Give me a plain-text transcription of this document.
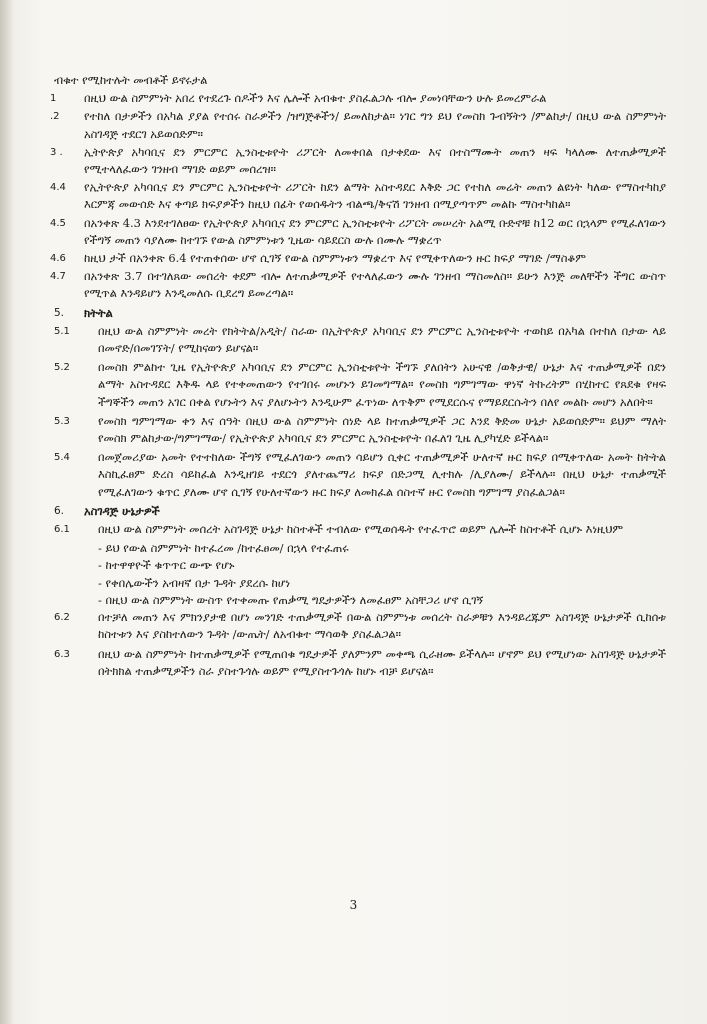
ብቁተ የሚከተሉት መብቶች ይኖሩታል

1	በዚህ ውል ስምምነት አበረ የተደረጉ ሰዶችን እና ሌሎች አብቁተ ያስፈልጋሉ ብሎ ያመነባቸውን ሁሉ ይመረምራል

.2	የተከለ በታዎችን በአካል ያያል የተሰሩ ስራዎችን /ዝግጅቶችን/ ይመለከታል። ነገር ግን ይህ የመስክ ጉብኝትን /ምልከታ/ በዚህ ውል ስምምነት አስገዳጅ ተደርገ አይወሰድም።

3 .	ኢትዮጵያ አካባቢና ደን ምርምር ኢንስቲቱዮት ሪፖርት ለመቀበል በታቀደው እና በተስማሙት መጠን ዛፍ ካላለሙ ለተጠቃሚዎች የሚተላለፈውን ገንዘብ ማገድ ወይም መሰረዝ።

4.4	የኢትዮጵያ አካባቢና ደን ምርምር ኢንስቲቱዮት ሪፖርት ከደን ልማት አስተዳደር እቅድ ጋር የተከለ መሬት መጠን ልዩነት ካለው የማስተካከያ እርምጃ መውሰድ እና ቀጣይ ክፍያዎችን ከዚህ በፊት የወሰዱትን ብልጫ/ቅናሽ ገንዘብ በሚያጣጥም መልኩ ማስተካከል።

4.5	በአንቀጽ 4.3 እንደተገለፀው የኢትዮጵያ አካባቢና ደን ምርምር ኢንስቲቱዮት ሪፖርት መሠረት አልሚ ቡድኖቹ ከ12 ወር በኋላም የሚፈለገውን የችግኝ መጠን ሳያለሙ ከተገኙ የውል ስምምነቱን ጊዜው ሳይደርስ ውሉ በሙሉ ማቋረጥ

4.6	ከዚህ ታች በአንቀጽ 6.4 የተጠቀሰው ሆኖ ሲገኝ የውል ስምምነቱን ማቋረጥ እና የሚቀጥለውን ዙር ክፍያ ማገድ /ማስቆም

4.7	በአንቀጽ 3.7 በተገለጸው መሰረት ቀደም ብሎ ለተጠቃሚዎች የተላለፈውን ሙሉ ገንዘብ ማስመለስ። ይሁን እንጅ መለቸችን ችግር ውስጥ የሚጥል እንዳይሆን እንዲመለሱ ቢደረግ ይመረጣል።

5. ክትትል

5.1 በዚህ ውል ስምምነት መረት የክትትል/አዲት/ ስራው በኢትዮጵያ አካባቢና ደን ምርምር ኢንስቲቱዮት ተወከይ በአካል በተከለ በታው ላይ በመኖድ/በመገኘት/ የሚከናወን ይሆናል።

5.2 በመስክ ምልከተ ጊዜ የኢትዮጵያ አካባቢና ደን ምርምር ኢንስቲቱዮት ችግኙ ያለበትን አሁናዊ /ወቅታዊ/ ሁኔታ እና ተጠቃሚዎች በደን ልማት አስተዳደር እቅዱ ላይ የተቀመጠውን የተገበሩ መሆኑን ይገመግማል። የመስክ ግምገማው ዋነኛ ትኩረትም በሂከተር የጸደቁ የዛፍ ችግኞችን መጠን አገር በቀል የሆኑትን እና ያለሆኑትን እንዲሁም ፈጥነው ለጥቅም የሚደርሱና የማይደርሱትን በለየ መልኩ መሆን አለበት።

5.3 የመስክ ግምገማው ቀን እና ሰዓት በዚህ ውል ስምምነት ሰነድ ላይ ከተጠቃሚዎች ጋር እንደ ቅድመ ሁኔታ አይወሰድም። ይህም ማለት የመስክ ምልከታው/ግምገማው/ የኢትዮጵያ አካባቢና ደን ምርምር ኢንስቲቱዮት በፈለገ ጊዜ ሊያካሂድ ይችላል።

5.4 በመጀመሪያው አመት የተተከለው ችግኝ የሚፈለገውን መጠን ሳይሆን ሲቀር ተጠቃሚዎች ሁለተኛ ዙር ክፍያ በሚቀጥለው አመት ከትትል እስኪፈፀም ድረስ ሳይከፈል እንዲዘገይ ተደርጎ ያለተጨማሪ ክፍያ በድጋሚ ሊተክሉ /ሊያለሙ/ ይችላሉ። በዚህ ሁኔታ ተጠቃሚች የሚፈለገውን ቁጥር ያለሙ ሆኖ ሲገኝ የሁለተኛውን ዙር ክፍያ ለመክፈል ሰስተኛ ዙር የመስክ ግምገማ ያስፈልጋል።

6. አስገዳጅ ሁኔታዎች

6.1 በዚህ ውል ስምምነት መሰረት አስገዳጅ ሁኔታ ከስተቶች ተብለው የሚወሰዱት የተፈጥሮ ወይም ሌሎች ከስተቶች ሲሆኑ እነዚህም

- ይህ የውል ስምምነት ከተፈረመ /ከተፈፀመ/ በኋላ የተፈጠሩ
- ከተዋዋዮች ቁጥጥር ውጭ የሆኑ
- የቀበሌውችን አብዛኛ በታ ጉዳት ያደረሱ ከሆነ
- በዚህ ውል ስምምነት ውስጥ የተቀመጡ የጠቃሚ ግዴታዎችን ለመፈፀም አስቸጋሪ ሆኖ ሲገኝ

6.2 በተቻለ መጠን እና ምክንያታዊ በሆነ መንገድ ተጠቃሚዎች በውል ስምምነቱ መሰረት ስራዎቹን እንዳይረጁም አስገዳጅ ሁኔታዎች ሲከሰቱ ከስተቱን እና ያስከተለውን ጉዳት /ውጤት/ ለአብቁተ ማሳወቅ ያስፈልጋል።

6.3 በዚህ ውል ስምምነት ከተጠቃሚዎች የሚጠበቁ ግዴታዎች ያለምንም መቀጫ ሲራዘሙ ይችላሉ። ሆኖም ይህ የሚሆነው አስገዳጅ ሁኔታዎች በትክክል ተጠቃሚዎችን ስራ ያስተጉጎሉ ወይም የሚያስተጉጎሉ ከሆኑ ብቻ ይሆናል።

3
